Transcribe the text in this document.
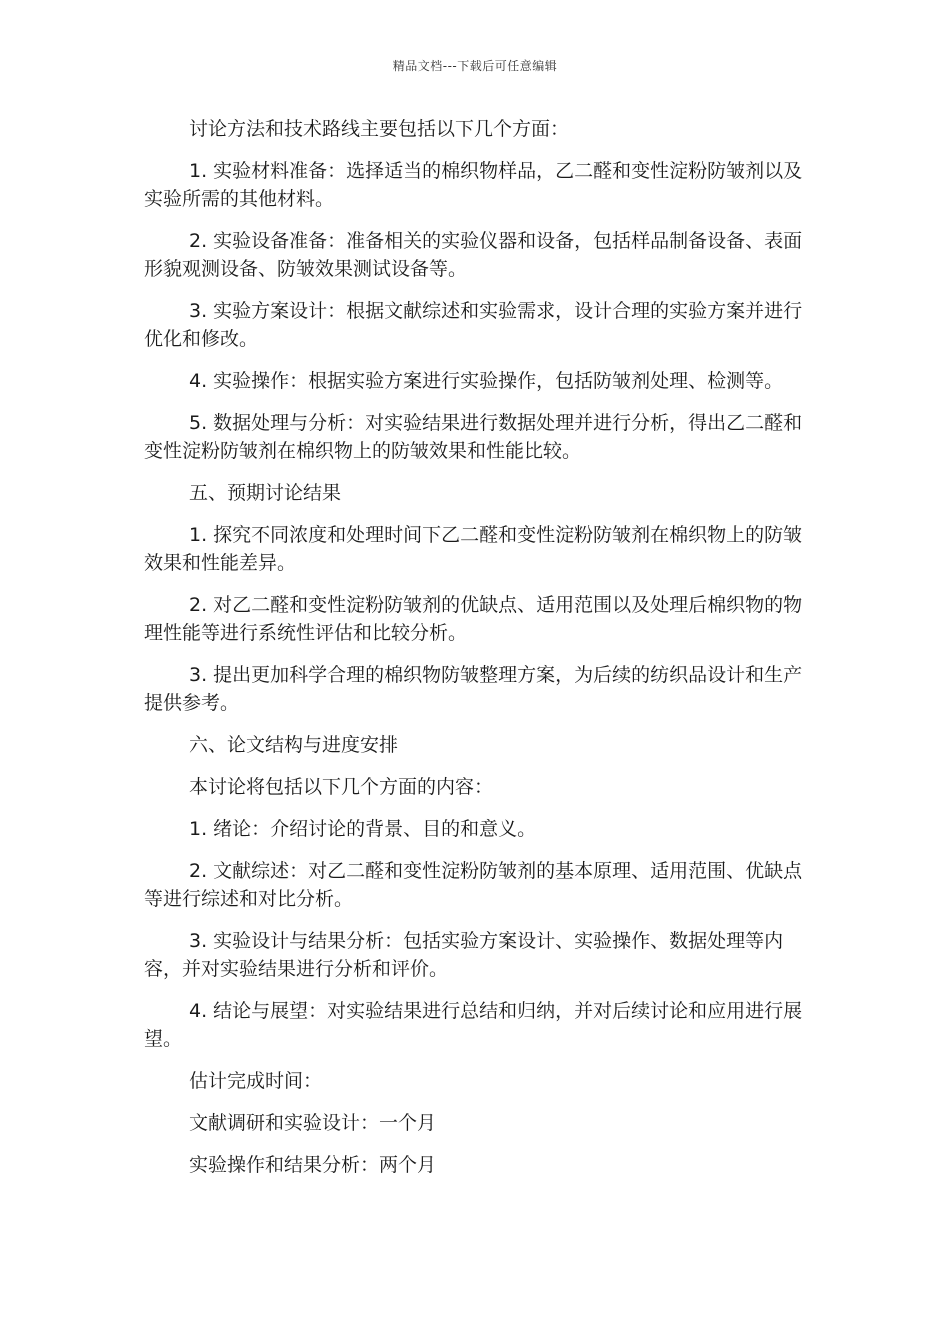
精品文档---下载后可任意编辑

讨论方法和技术路线主要包括以下几个方面：

1. 实验材料准备：选择适当的棉织物样品，乙二醛和变性淀粉防皱剂以及实验所需的其他材料。

2. 实验设备准备：准备相关的实验仪器和设备，包括样品制备设备、表面形貌观测设备、防皱效果测试设备等。

3. 实验方案设计：根据文献综述和实验需求，设计合理的实验方案并进行优化和修改。

4. 实验操作：根据实验方案进行实验操作，包括防皱剂处理、检测等。

5. 数据处理与分析：对实验结果进行数据处理并进行分析，得出乙二醛和变性淀粉防皱剂在棉织物上的防皱效果和性能比较。

五、预期讨论结果

1. 探究不同浓度和处理时间下乙二醛和变性淀粉防皱剂在棉织物上的防皱效果和性能差异。

2. 对乙二醛和变性淀粉防皱剂的优缺点、适用范围以及处理后棉织物的物理性能等进行系统性评估和比较分析。

3. 提出更加科学合理的棉织物防皱整理方案，为后续的纺织品设计和生产提供参考。

六、论文结构与进度安排

本讨论将包括以下几个方面的内容：

1. 绪论：介绍讨论的背景、目的和意义。

2. 文献综述：对乙二醛和变性淀粉防皱剂的基本原理、适用范围、优缺点等进行综述和对比分析。

3. 实验设计与结果分析：包括实验方案设计、实验操作、数据处理等内容，并对实验结果进行分析和评价。

4. 结论与展望：对实验结果进行总结和归纳，并对后续讨论和应用进行展望。

估计完成时间：

文献调研和实验设计：一个月

实验操作和结果分析：两个月
